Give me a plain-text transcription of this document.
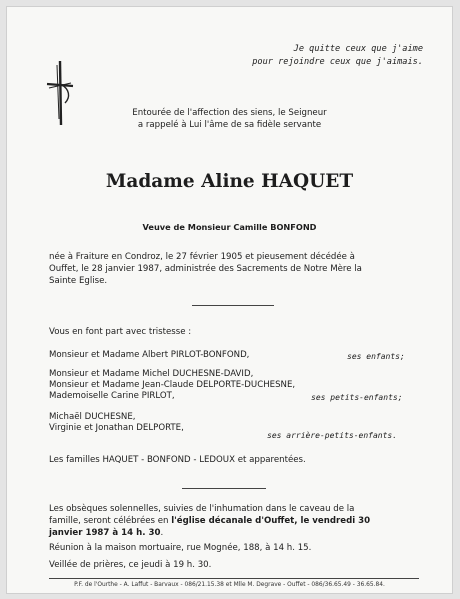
Je quitte ceux que j'aime
pour rejoindre ceux que j'aimais.
Entourée de l'affection des siens, le Seigneur
a rappelé à Lui l'âme de sa fidèle servante
Madame Aline HAQUET
Veuve de Monsieur Camille BONFOND
née à Fraiture en Condroz, le 27 février 1905 et pieusement décédée à
Ouffet, le 28 janvier 1987, administrée des Sacrements de Notre Mère la
Sainte Eglise.
Vous en font part avec tristesse :
Monsieur et Madame Albert PIRLOT-BONFOND,	ses enfants;
Monsieur et Madame Michel DUCHESNE-DAVID,
Monsieur et Madame Jean-Claude DELPORTE-DUCHESNE,
Mademoiselle Carine PIRLOT,	ses petits-enfants;
Michaël DUCHESNE,
Virginie et Jonathan DELPORTE,
ses arrière-petits-enfants.
Les familles HAQUET - BONFOND - LEDOUX et apparentées.
Les obsèques solennelles, suivies de l'inhumation dans le caveau de la
famille, seront célébrées en l'église décanale d'Ouffet, le vendredi 30
janvier 1987 à 14 h. 30.
Réunion à la maison mortuaire, rue Mognée, 188, à 14 h. 15.
Veillée de prières, ce jeudi à 19 h. 30.
P.F. de l'Ourthe - A. Laffut - Barvaux - 086/21.15.38 et Mlle M. Degrave - Ouffet - 086/36.65.49 - 36.65.84.
